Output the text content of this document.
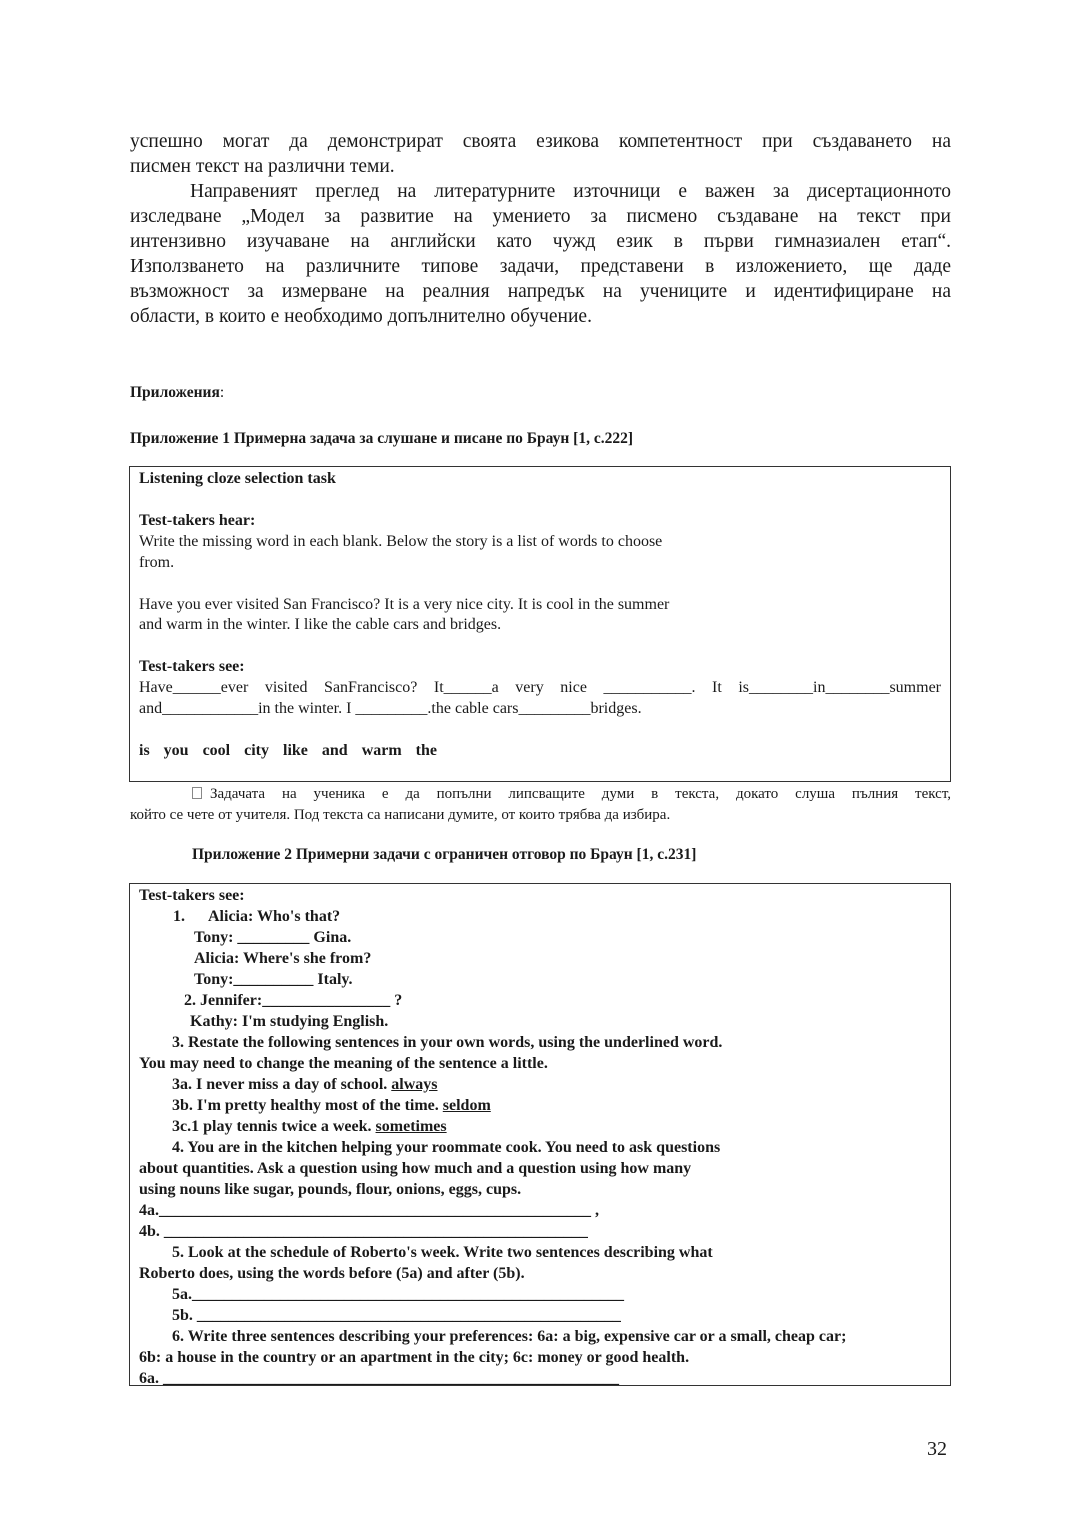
успешно могат да демонстрират своята езикова компетентност при създаването на
писмен текст на различни теми.
Направеният преглед на литературните източници е важен за дисертационното
изследване „Модел за развитие на умението за писмено създаване на текст при
интензивно изучаване на английски като чужд език в първи гимназиален етап“.
Използването на различните типове задачи, представени в изложението, ще даде
възможност за измерване на реалния напредък на учениците и идентифициране на
области, в които е необходимо допълнително обучение.
Приложения:
Приложение 1 Примерна задача за слушане и писане по Браун [1, с.222]
Listening cloze selection task
Test-takers hear:
Write the missing word in each blank. Below the story is a list of words to choose
from.
Have you ever visited San Francisco? It is a very nice city. It is cool in the summer
and warm in the winter. I like the cable cars and bridges.
Test-takers see:
Have______ever visited SanFrancisco? It______a very nice ___________. It is________in________summer
and____________in the winter. I _________.the cable cars_________bridges.
is you cool city like and warm the
Задачата на ученика е да попълни липсващите думи в текста, докато слуша пълния текст,
който се чете от учителя. Под текста са написани думите, от които трябва да избира.
Приложение 2 Примерни задачи с ограничен отговор по Браун [1, с.231]
Test-takers see:
1. Alicia: Who's that?
Tony: _________ Gina.
Alicia: Where's she from?
Tony:__________ Italy.
2. Jennifer:________________ ?
Kathy: I'm studying English.
3. Restate the following sentences in your own words, using the underlined word.
You may need to change the meaning of the sentence a little.
3a. I never miss a day of school. always
3b. I'm pretty healthy most of the time. seldom
3c.1 play tennis twice a week. sometimes
4. You are in the kitchen helping your roommate cook. You need to ask questions
about quantities. Ask a question using how much and a question using how many
using nouns like sugar, pounds, flour, onions, eggs, cups.
4a.______________________________________________________ ,
4b. _____________________________________________________
5. Look at the schedule of Roberto's week. Write two sentences describing what
Roberto does, using the words before (5a) and after (5b).
5a.______________________________________________________
5b. _____________________________________________________
6. Write three sentences describing your preferences: 6a: a big, expensive car or a small, cheap car;
6b: a house in the country or an apartment in the city; 6c: money or good health.
6a. _________________________________________________________
32
